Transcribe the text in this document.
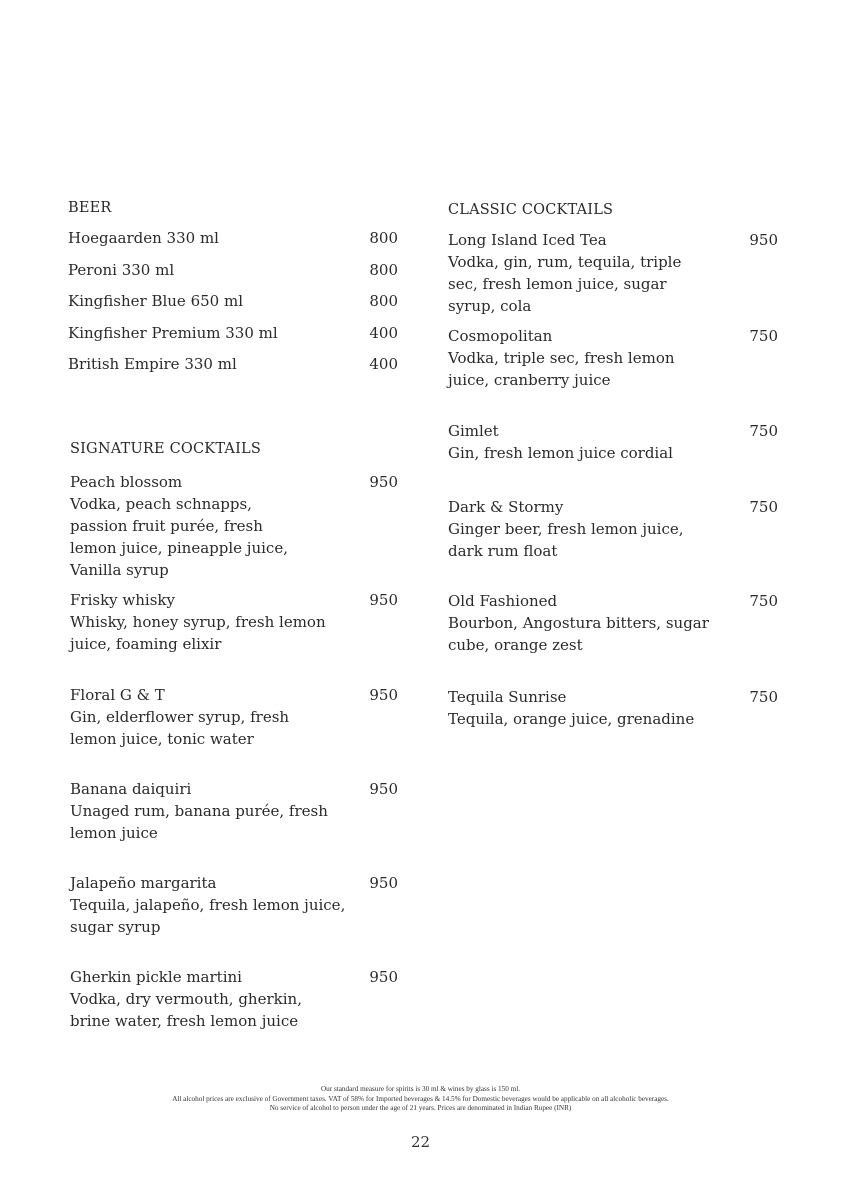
BEER
Hoegaarden 330 ml	800
Peroni 330 ml	800
Kingfisher Blue 650 ml	800
Kingfisher Premium 330 ml	400
British Empire 330 ml	400
SIGNATURE COCKTAILS
Peach blossom	950
Vodka, peach schnapps, passion fruit purée, fresh lemon juice, pineapple juice, Vanilla syrup
Frisky whisky	950
Whisky, honey syrup, fresh lemon juice, foaming elixir
Floral G & T	950
Gin, elderflower syrup, fresh lemon juice, tonic water
Banana daiquiri	950
Unaged rum, banana purée, fresh lemon juice
Jalapeño margarita	950
Tequila, jalapeño, fresh lemon juice, sugar syrup
Gherkin pickle martini	950
Vodka, dry vermouth, gherkin, brine water, fresh lemon juice
CLASSIC COCKTAILS
Long Island Iced Tea	950
Vodka, gin, rum, tequila, triple sec, fresh lemon juice, sugar syrup, cola
Cosmopolitan	750
Vodka, triple sec, fresh lemon juice, cranberry juice
Gimlet	750
Gin, fresh lemon juice cordial
Dark & Stormy	750
Ginger beer, fresh lemon juice, dark rum float
Old Fashioned	750
Bourbon, Angostura bitters, sugar cube, orange zest
Tequila Sunrise	750
Tequila, orange juice, grenadine
Our standard measure for spirits is 30 ml & wines by glass is 150 ml.
All alcohol prices are exclusive of Government taxes. VAT of 58% for Imported beverages & 14.5% for Domestic beverages would be applicable on all alcoholic beverages.
No service of alcohol to person under the age of 21 years. Prices are denominated in Indian Rupee (INR)
22
